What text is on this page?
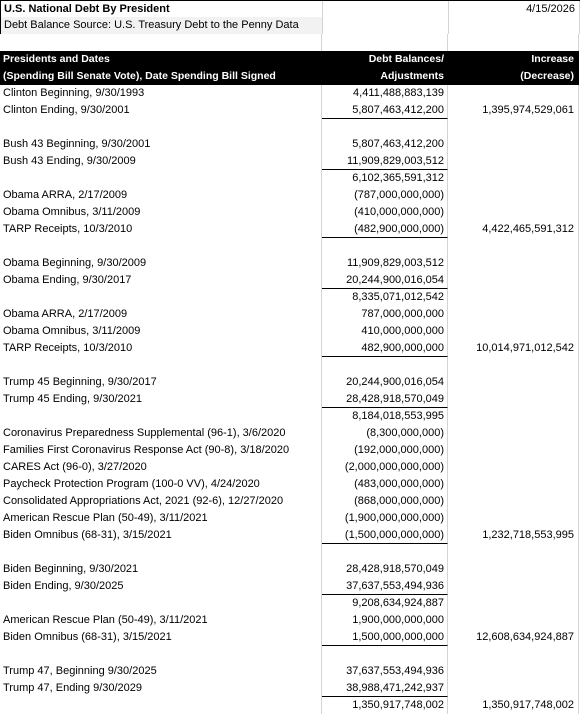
U.S. National Debt By President	4/15/2026
Debt Balance Source: U.S. Treasury Debt to the Penny Data
Presidents and Dates	Debt Balances/	Increase
(Spending Bill Senate Vote), Date Spending Bill Signed	Adjustments	(Decrease)
Clinton Beginning, 9/30/1993	4,411,488,883,139
Clinton Ending, 9/30/2001	5,807,463,412,200	1,395,974,529,061
Bush 43 Beginning, 9/30/2001	5,807,463,412,200
Bush 43 Ending, 9/30/2009	11,909,829,003,512
6,102,365,591,312
Obama ARRA, 2/17/2009	(787,000,000,000)
Obama Omnibus, 3/11/2009	(410,000,000,000)
TARP Receipts, 10/3/2010	(482,900,000,000)	4,422,465,591,312
Obama Beginning, 9/30/2009	11,909,829,003,512
Obama Ending, 9/30/2017	20,244,900,016,054
8,335,071,012,542
Obama ARRA, 2/17/2009	787,000,000,000
Obama Omnibus, 3/11/2009	410,000,000,000
TARP Receipts, 10/3/2010	482,900,000,000	10,014,971,012,542
Trump 45 Beginning, 9/30/2017	20,244,900,016,054
Trump 45 Ending, 9/30/2021	28,428,918,570,049
8,184,018,553,995
Coronavirus Preparedness Supplemental (96-1), 3/6/2020	(8,300,000,000)
Families First Coronavirus Response Act (90-8), 3/18/2020	(192,000,000,000)
CARES Act (96-0), 3/27/2020	(2,000,000,000,000)
Paycheck Protection Program (100-0 VV), 4/24/2020	(483,000,000,000)
Consolidated Appropriations Act, 2021 (92-6), 12/27/2020	(868,000,000,000)
American Rescue Plan (50-49), 3/11/2021	(1,900,000,000,000)
Biden Omnibus (68-31), 3/15/2021	(1,500,000,000,000)	1,232,718,553,995
Biden Beginning, 9/30/2021	28,428,918,570,049
Biden Ending, 9/30/2025	37,637,553,494,936
9,208,634,924,887
American Rescue Plan (50-49), 3/11/2021	1,900,000,000,000
Biden Omnibus (68-31), 3/15/2021	1,500,000,000,000	12,608,634,924,887
Trump 47, Beginning 9/30/2025	37,637,553,494,936
Trump 47, Ending 9/30/2029	38,988,471,242,937
1,350,917,748,002	1,350,917,748,002
